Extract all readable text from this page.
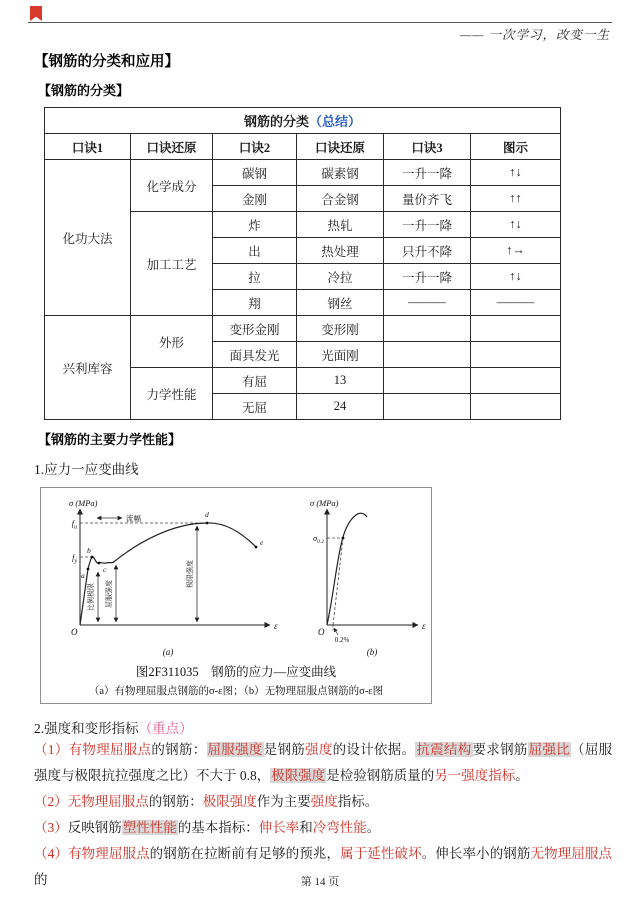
—— 一次学习，改变一生
【钢筋的分类和应用】
【钢筋的分类】
钢筋的分类（总结）					
口诀1	口诀还原	口诀2	口诀还原	口诀3	图示
化功大法	化学成分	碳钢	碳素钢	一升一降	↑↓
		金刚	合金钢	量价齐飞	↑↑
	加工工艺	炸	热轧	一升一降	↑↓
		出	热处理	只升不降	↑→
		拉	冷拉	一升一降	↑↓
		翔	钢丝	———	———
兴利库容	外形	变形金刚	变形刚		
		面具发光	光面刚		
	力学性能	有屈	13		
		无屈	24		
【钢筋的主要力学性能】
1.应力一应变曲线
σ (MPa)
ε
O
$f_u$
$f_y$
a
b
c
d
e
流幅
比例极限 屈服强度
极限强度
(a)
σ (MPa)
ε
O
$\sigma_{0.2}$
0.2%
(b)
图2F311035　钢筋的应力—应变曲线
（a）有物理屈服点钢筋的σ-ε图；（b）无物理屈服点钢筋的σ-ε图
2.强度和变形指标（重点）
（1）有物理屈服点的钢筋：屈服强度是钢筋强度的设计依据。抗震结构要求钢筋屈强比（屈服强度与极限抗拉强度之比）不大于 0.8，极限强度是检验钢筋质量的另一强度指标。
（2）无物理屈服点的钢筋：极限强度作为主要强度指标。
（3）反映钢筋塑性性能的基本指标：伸长率和冷弯性能。
（4）有物理屈服点的钢筋在拉断前有足够的预兆，属于延性破坏。伸长率小的钢筋无物理屈服点的	第 14 页
